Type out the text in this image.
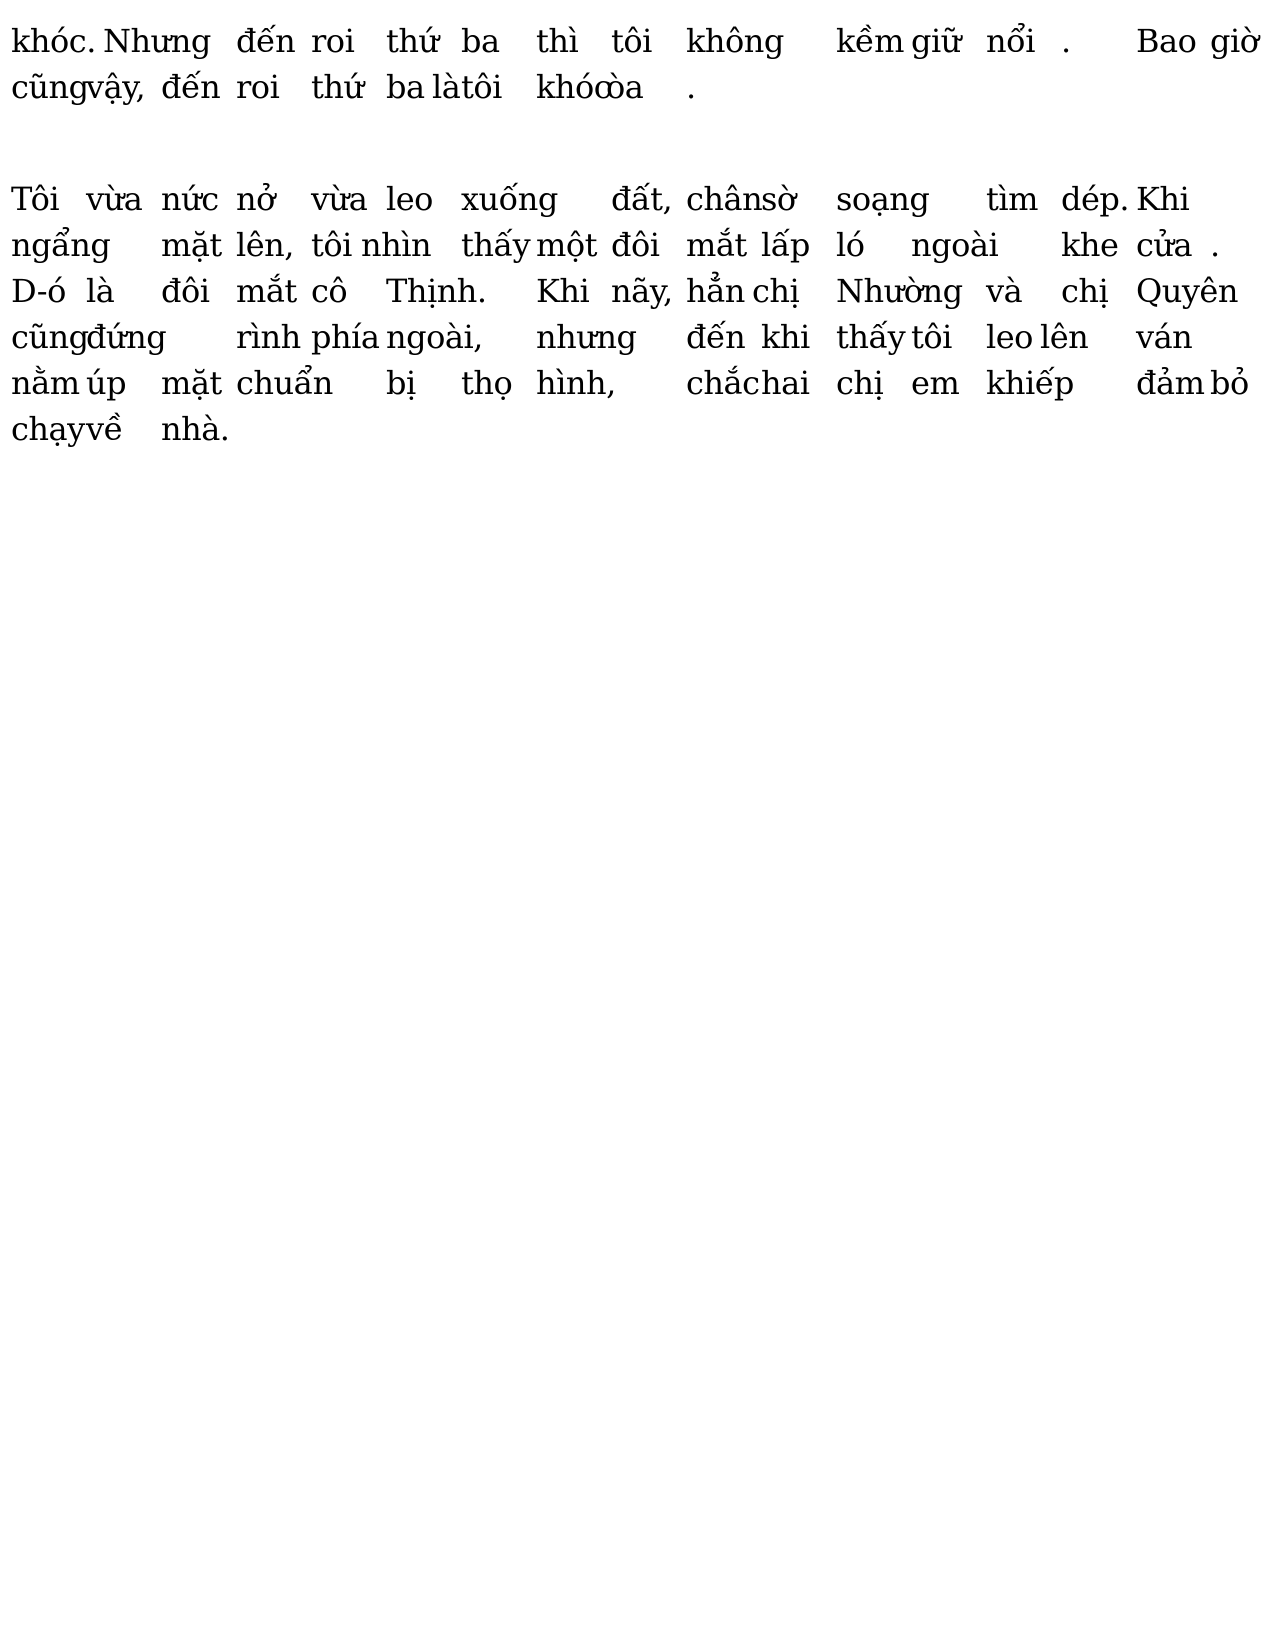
khóc. Nhưng đến roi thứ ba thì tôi không kềm giữ nổi . Bao giờ
cũng
vậy, đến roi thứ ba là tôi khóc
òa .
Tôi vừa nức nở vừa leo xuống đất, chân
sờ soạng tìm dép. Khi
ngẩng mặt lên, tôi nhìn thấy một đôi mắt lấp ló ngoài khe cửa .
D-ó là đôi mắt cô Thịnh. Khi nãy, hẳn chị Nhường và chị Quyên
cũng
đứng rình phía ngoài, nhưng đến khi thấy tôi leo lên ván
nằm úp mặt chuẩn bị thọ hình, chắc hai chị em khiếp đảm bỏ
chạy về nhà.
